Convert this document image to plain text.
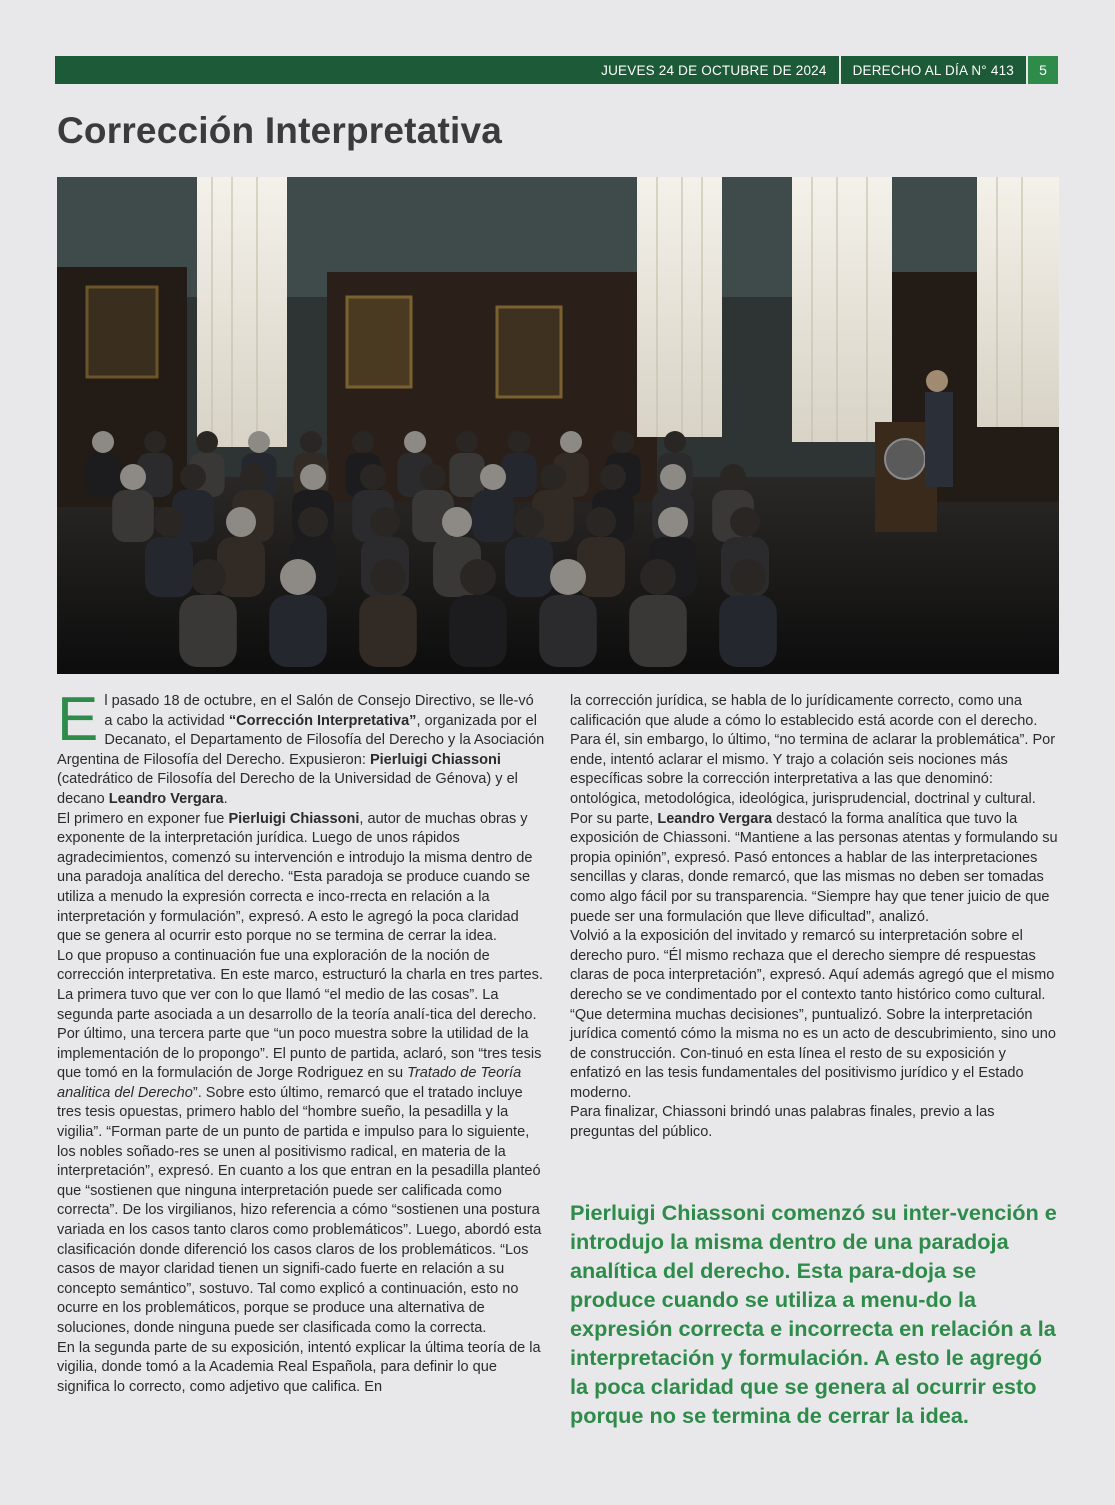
JUEVES 24 DE OCTUBRE DE 2024	DERECHO AL DÍA N° 413	5
Corrección Interpretativa

El pasado 18 de octubre, en el Salón de Consejo Directivo, se lle-vó a cabo la actividad “Corrección Interpretativa”, organizada por el Decanato, el Departamento de Filosofía del Derecho y la Asociación Argentina de Filosofía del Derecho. Expusieron: Pierluigi Chiassoni (catedrático de Filosofía del Derecho de la Universidad de Génova) y el decano Leandro Vergara.

El primero en exponer fue Pierluigi Chiassoni, autor de muchas obras y exponente de la interpretación jurídica. Luego de unos rápidos agradecimientos, comenzó su intervención e introdujo la misma dentro de una paradoja analítica del derecho. “Esta paradoja se produce cuando se utiliza a menudo la expresión correcta e inco-rrecta en relación a la interpretación y formulación”, expresó. A esto le agregó la poca claridad que se genera al ocurrir esto porque no se termina de cerrar la idea.

Lo que propuso a continuación fue una exploración de la noción de corrección interpretativa. En este marco, estructuró la charla en tres partes. La primera tuvo que ver con lo que llamó “el medio de las cosas”. La segunda parte asociada a un desarrollo de la teoría analí-tica del derecho. Por último, una tercera parte que “un poco muestra sobre la utilidad de la implementación de lo propongo”. El punto de partida, aclaró, son “tres tesis que tomó en la formulación de Jorge Rodriguez en su Tratado de Teoría analitica del Derecho”. Sobre esto último, remarcó que el tratado incluye tres tesis opuestas, primero hablo del “hombre sueño, la pesadilla y la vigilia”. “Forman parte de un punto de partida e impulso para lo siguiente, los nobles soñado-res se unen al positivismo radical, en materia de la interpretación”, expresó. En cuanto a los que entran en la pesadilla planteó que “sostienen que ninguna interpretación puede ser calificada como correcta”. De los virgilianos, hizo referencia a cómo “sostienen una postura variada en los casos tanto claros como problemáticos”. Luego, abordó esta clasificación donde diferenció los casos claros de los problemáticos. “Los casos de mayor claridad tienen un signifi-cado fuerte en relación a su concepto semántico”, sostuvo. Tal como explicó a continuación, esto no ocurre en los problemáticos, porque se produce una alternativa de soluciones, donde ninguna puede ser clasificada como la correcta.

En la segunda parte de su exposición, intentó explicar la última teoría de la vigilia, donde tomó a la Academia Real Española, para definir lo que significa lo correcto, como adjetivo que califica. En

la corrección jurídica, se habla de lo jurídicamente correcto, como una calificación que alude a cómo lo establecido está acorde con el derecho. Para él, sin embargo, lo último, “no termina de aclarar la problemática”. Por ende, intentó aclarar el mismo. Y trajo a colación seis nociones más específicas sobre la corrección interpretativa a las que denominó: ontológica, metodológica, ideológica, jurisprudencial, doctrinal y cultural.

Por su parte, Leandro Vergara destacó la forma analítica que tuvo la exposición de Chiassoni. “Mantiene a las personas atentas y formulando su propia opinión”, expresó. Pasó entonces a hablar de las interpretaciones sencillas y claras, donde remarcó, que las mismas no deben ser tomadas como algo fácil por su transparencia. “Siempre hay que tener juicio de que puede ser una formulación que lleve dificultad”, analizó.

Volvió a la exposición del invitado y remarcó su interpretación sobre el derecho puro. “Él mismo rechaza que el derecho siempre dé respuestas claras de poca interpretación”, expresó. Aquí además agregó que el mismo derecho se ve condimentado por el contexto tanto histórico como cultural. “Que determina muchas decisiones”, puntualizó. Sobre la interpretación jurídica comentó cómo la misma no es un acto de descubrimiento, sino uno de construcción. Con-tinuó en esta línea el resto de su exposición y enfatizó en las tesis fundamentales del positivismo jurídico y el Estado moderno.

Para finalizar, Chiassoni brindó unas palabras finales, previo a las preguntas del público.

Pierluigi Chiassoni comenzó su inter-vención e introdujo la misma dentro de una paradoja analítica del derecho. Esta para-doja se produce cuando se utiliza a menu-do la expresión correcta e incorrecta en relación a la interpretación y formulación. A esto le agregó la poca claridad que se genera al ocurrir esto porque no se termina de cerrar la idea.
